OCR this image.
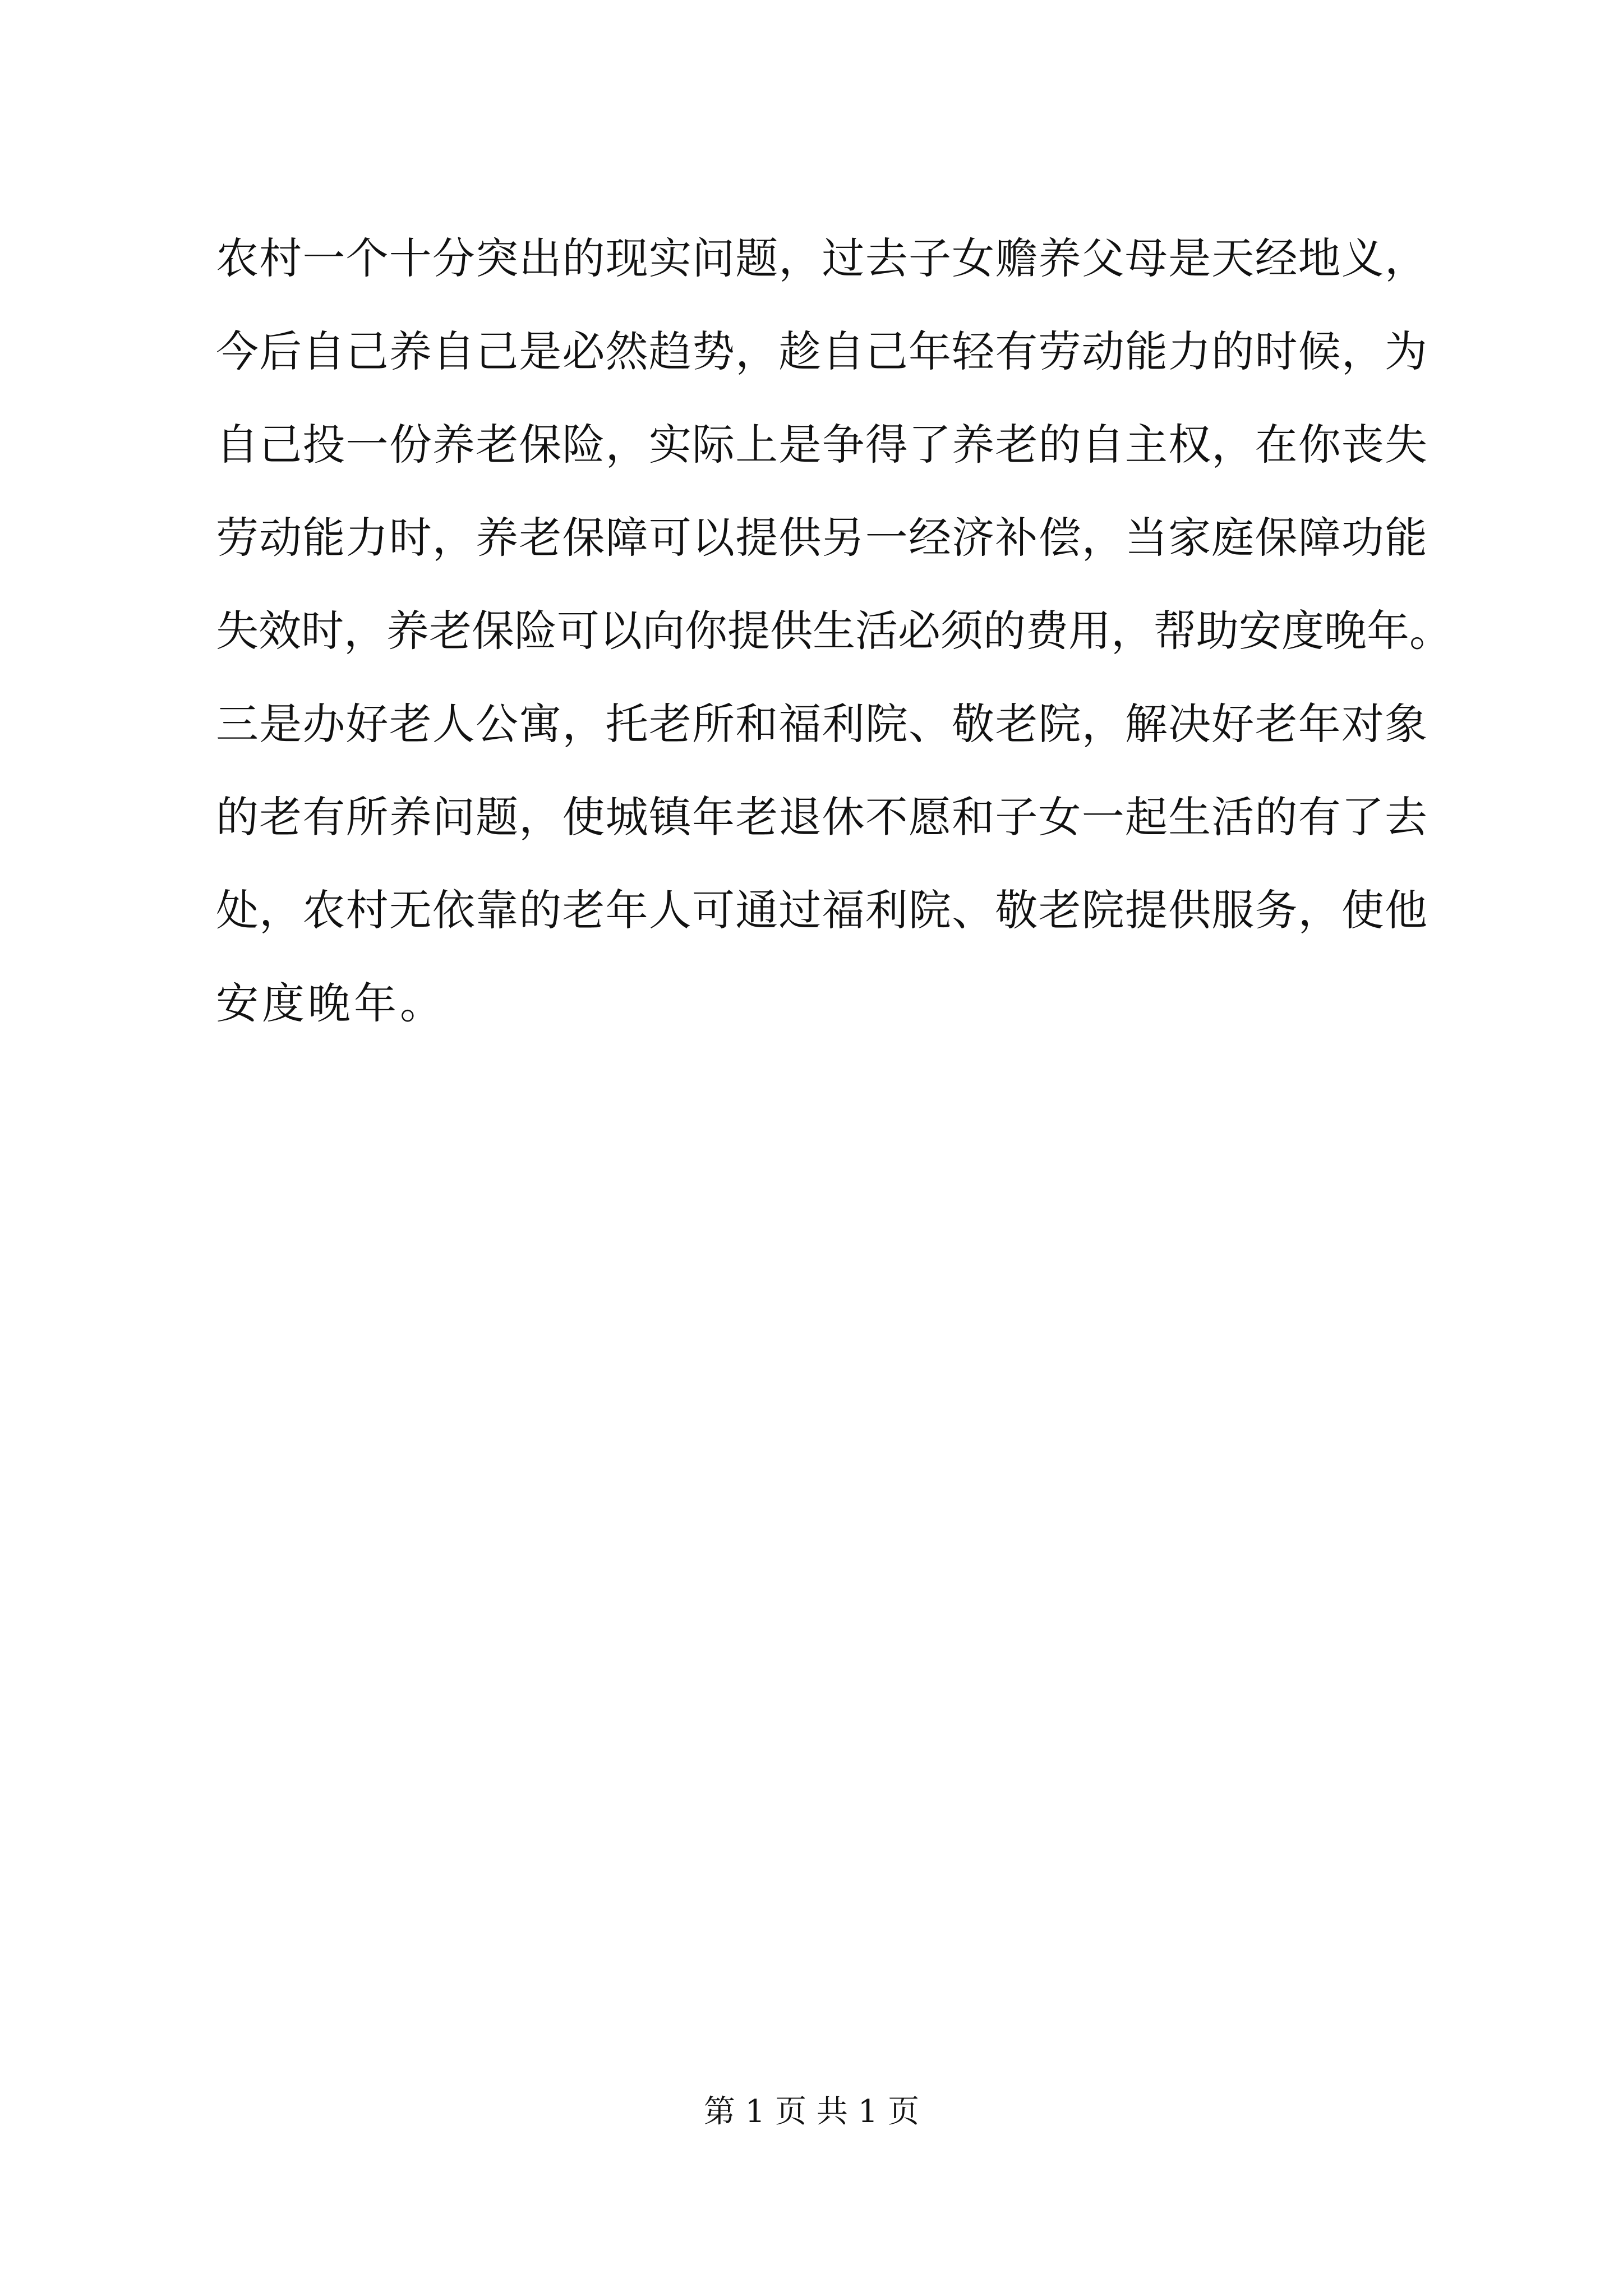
农村一个十分突出的现实问题，过去子女赡养父母是天经地义，
今后自己养自己是必然趋势，趁自己年轻有劳动能力的时候，为
自己投一份养老保险，实际上是争得了养老的自主权，在你丧失
劳动能力时，养老保障可以提供另一经济补偿，当家庭保障功能
失效时，养老保险可以向你提供生活必须的费用，帮助安度晚年。
三是办好老人公寓，托老所和福利院、敬老院，解决好老年对象
的老有所养问题，使城镇年老退休不愿和子女一起生活的有了去
处，农村无依靠的老年人可通过福利院、敬老院提供服务，使他
安度晚年。
第 1 页 共 1 页
